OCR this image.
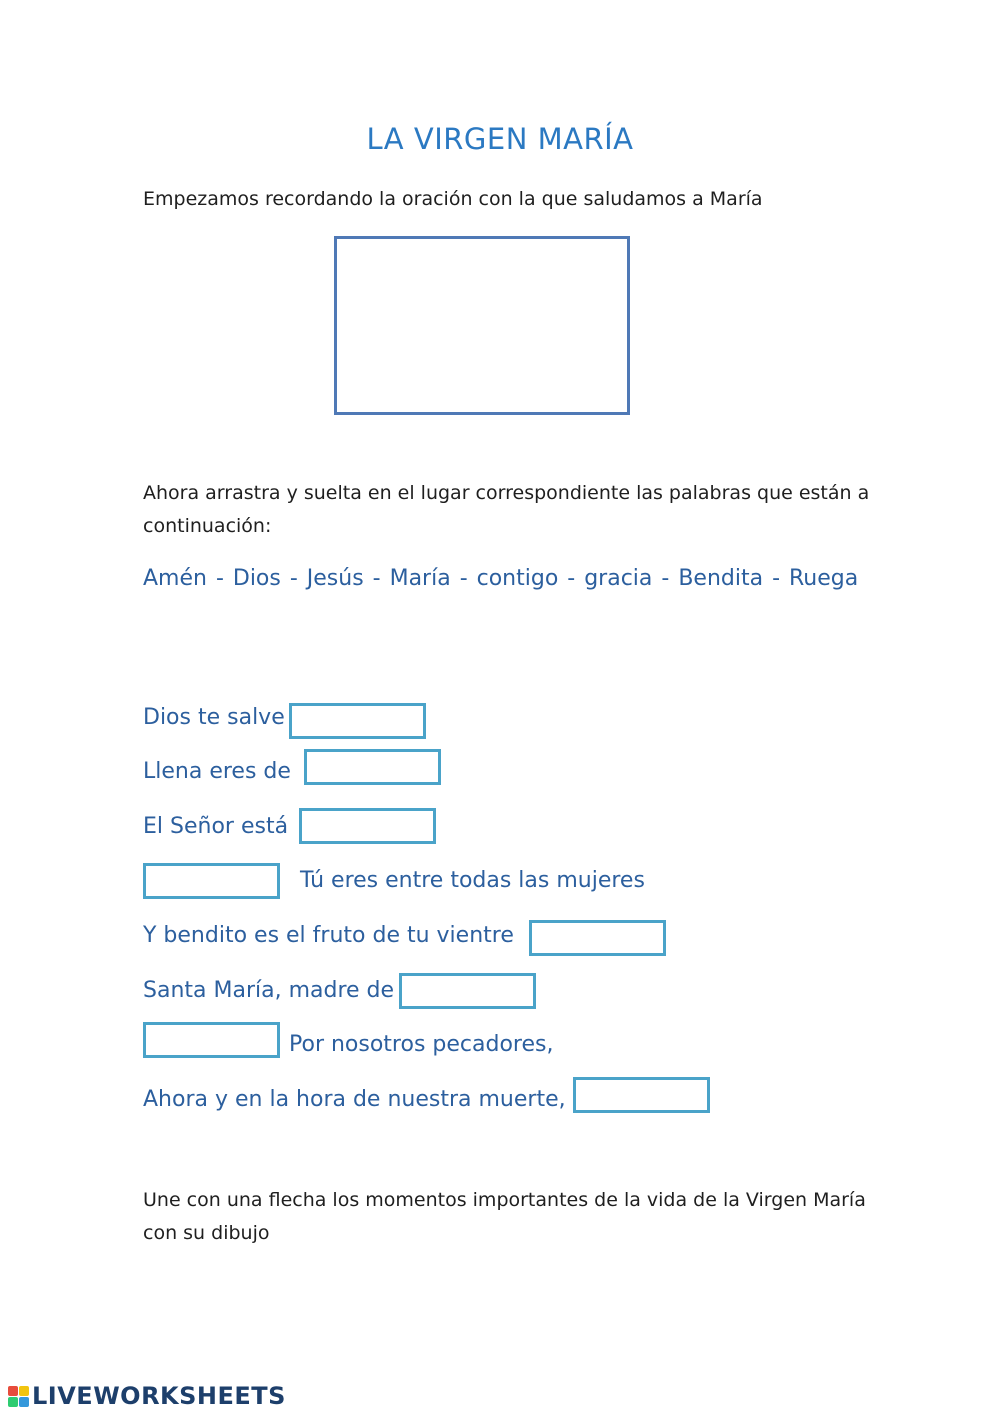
LA VIRGEN MARÍA
Empezamos recordando la oración con la que saludamos a María
Ahora arrastra y suelta en el lugar correspondiente las palabras que están a
continuación:
Amén - Dios - Jesús - María - contigo - gracia - Bendita - Ruega
Dios te salve
Llena eres de
El Señor está
Tú eres entre todas las mujeres
Y bendito es el fruto de tu vientre
Santa María, madre de
Por nosotros pecadores,
Ahora y en la hora de nuestra muerte,
Une con una flecha los momentos importantes de la vida de la Virgen María
con su dibujo
LIVEWORKSHEETS
